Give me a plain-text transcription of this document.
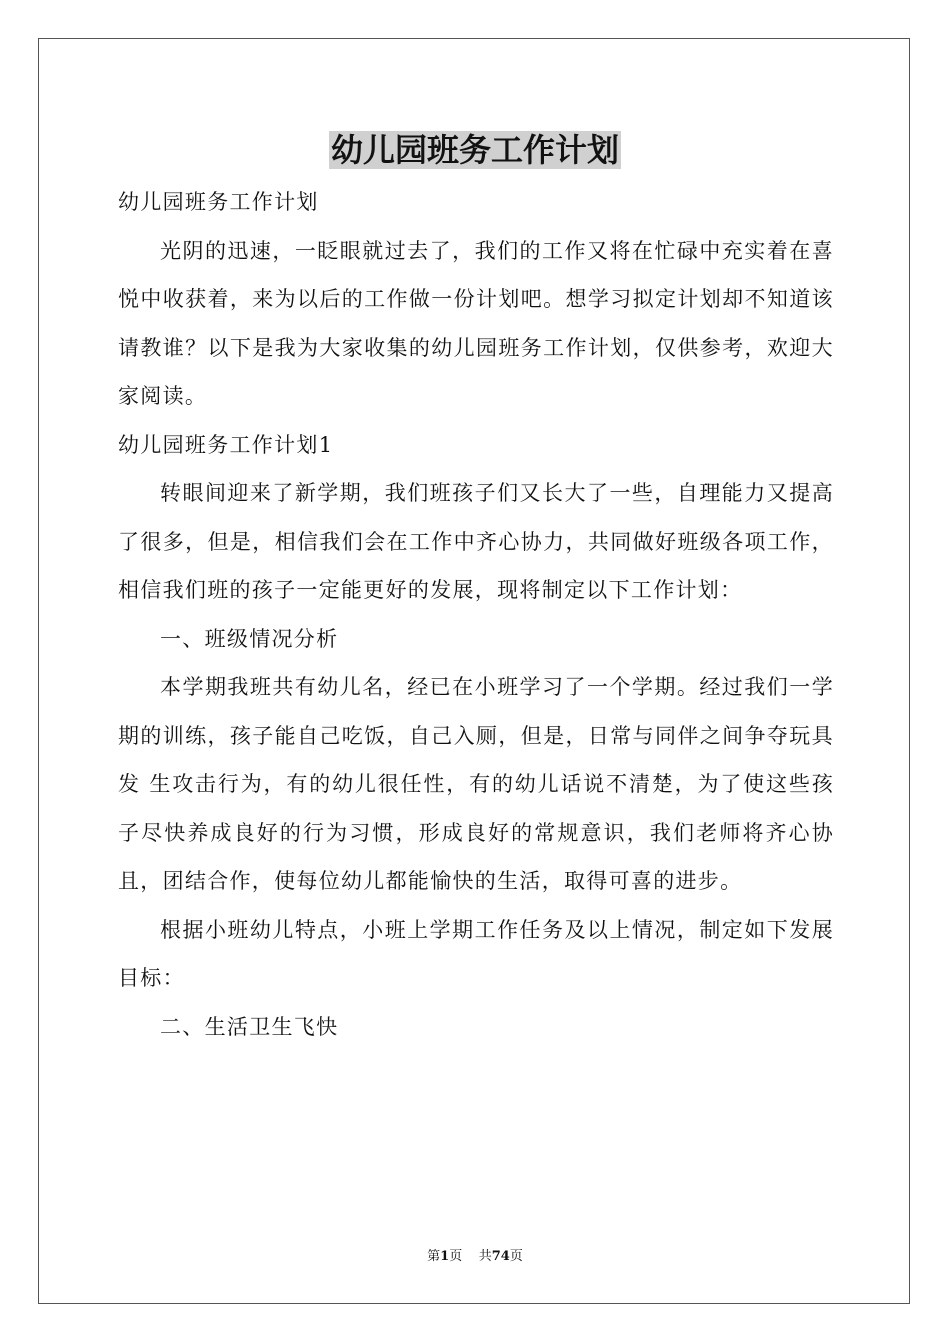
幼儿园班务工作计划

幼儿园班务工作计划

光阴的迅速，一眨眼就过去了，我们的工作又将在忙碌中充实着在喜悦中收获着，来为以后的工作做一份计划吧。想学习拟定计划却不知道该请教谁？以下是我为大家收集的幼儿园班务工作计划，仅供参考，欢迎大家阅读。

幼儿园班务工作计划1

转眼间迎来了新学期，我们班孩子们又长大了一些，自理能力又提高了很多，但是，相信我们会在工作中齐心协力，共同做好班级各项工作，相信我们班的孩子一定能更好的发展，现将制定以下工作计划：

一、班级情况分析

本学期我班共有幼儿名，经已在小班学习了一个学期。经过我们一学期的训练，孩子能自己吃饭，自己入厕，但是，日常与同伴之间争夺玩具发 生攻击行为，有的幼儿很任性，有的幼儿话说不清楚，为了使这些孩子尽快养成良好的行为习惯，形成良好的常规意识，我们老师将齐心协且，团结合作，使每位幼儿都能愉快的生活，取得可喜的进步。

根据小班幼儿特点，小班上学期工作任务及以上情况，制定如下发展目标：

二、生活卫生飞快

第1页 共74页
